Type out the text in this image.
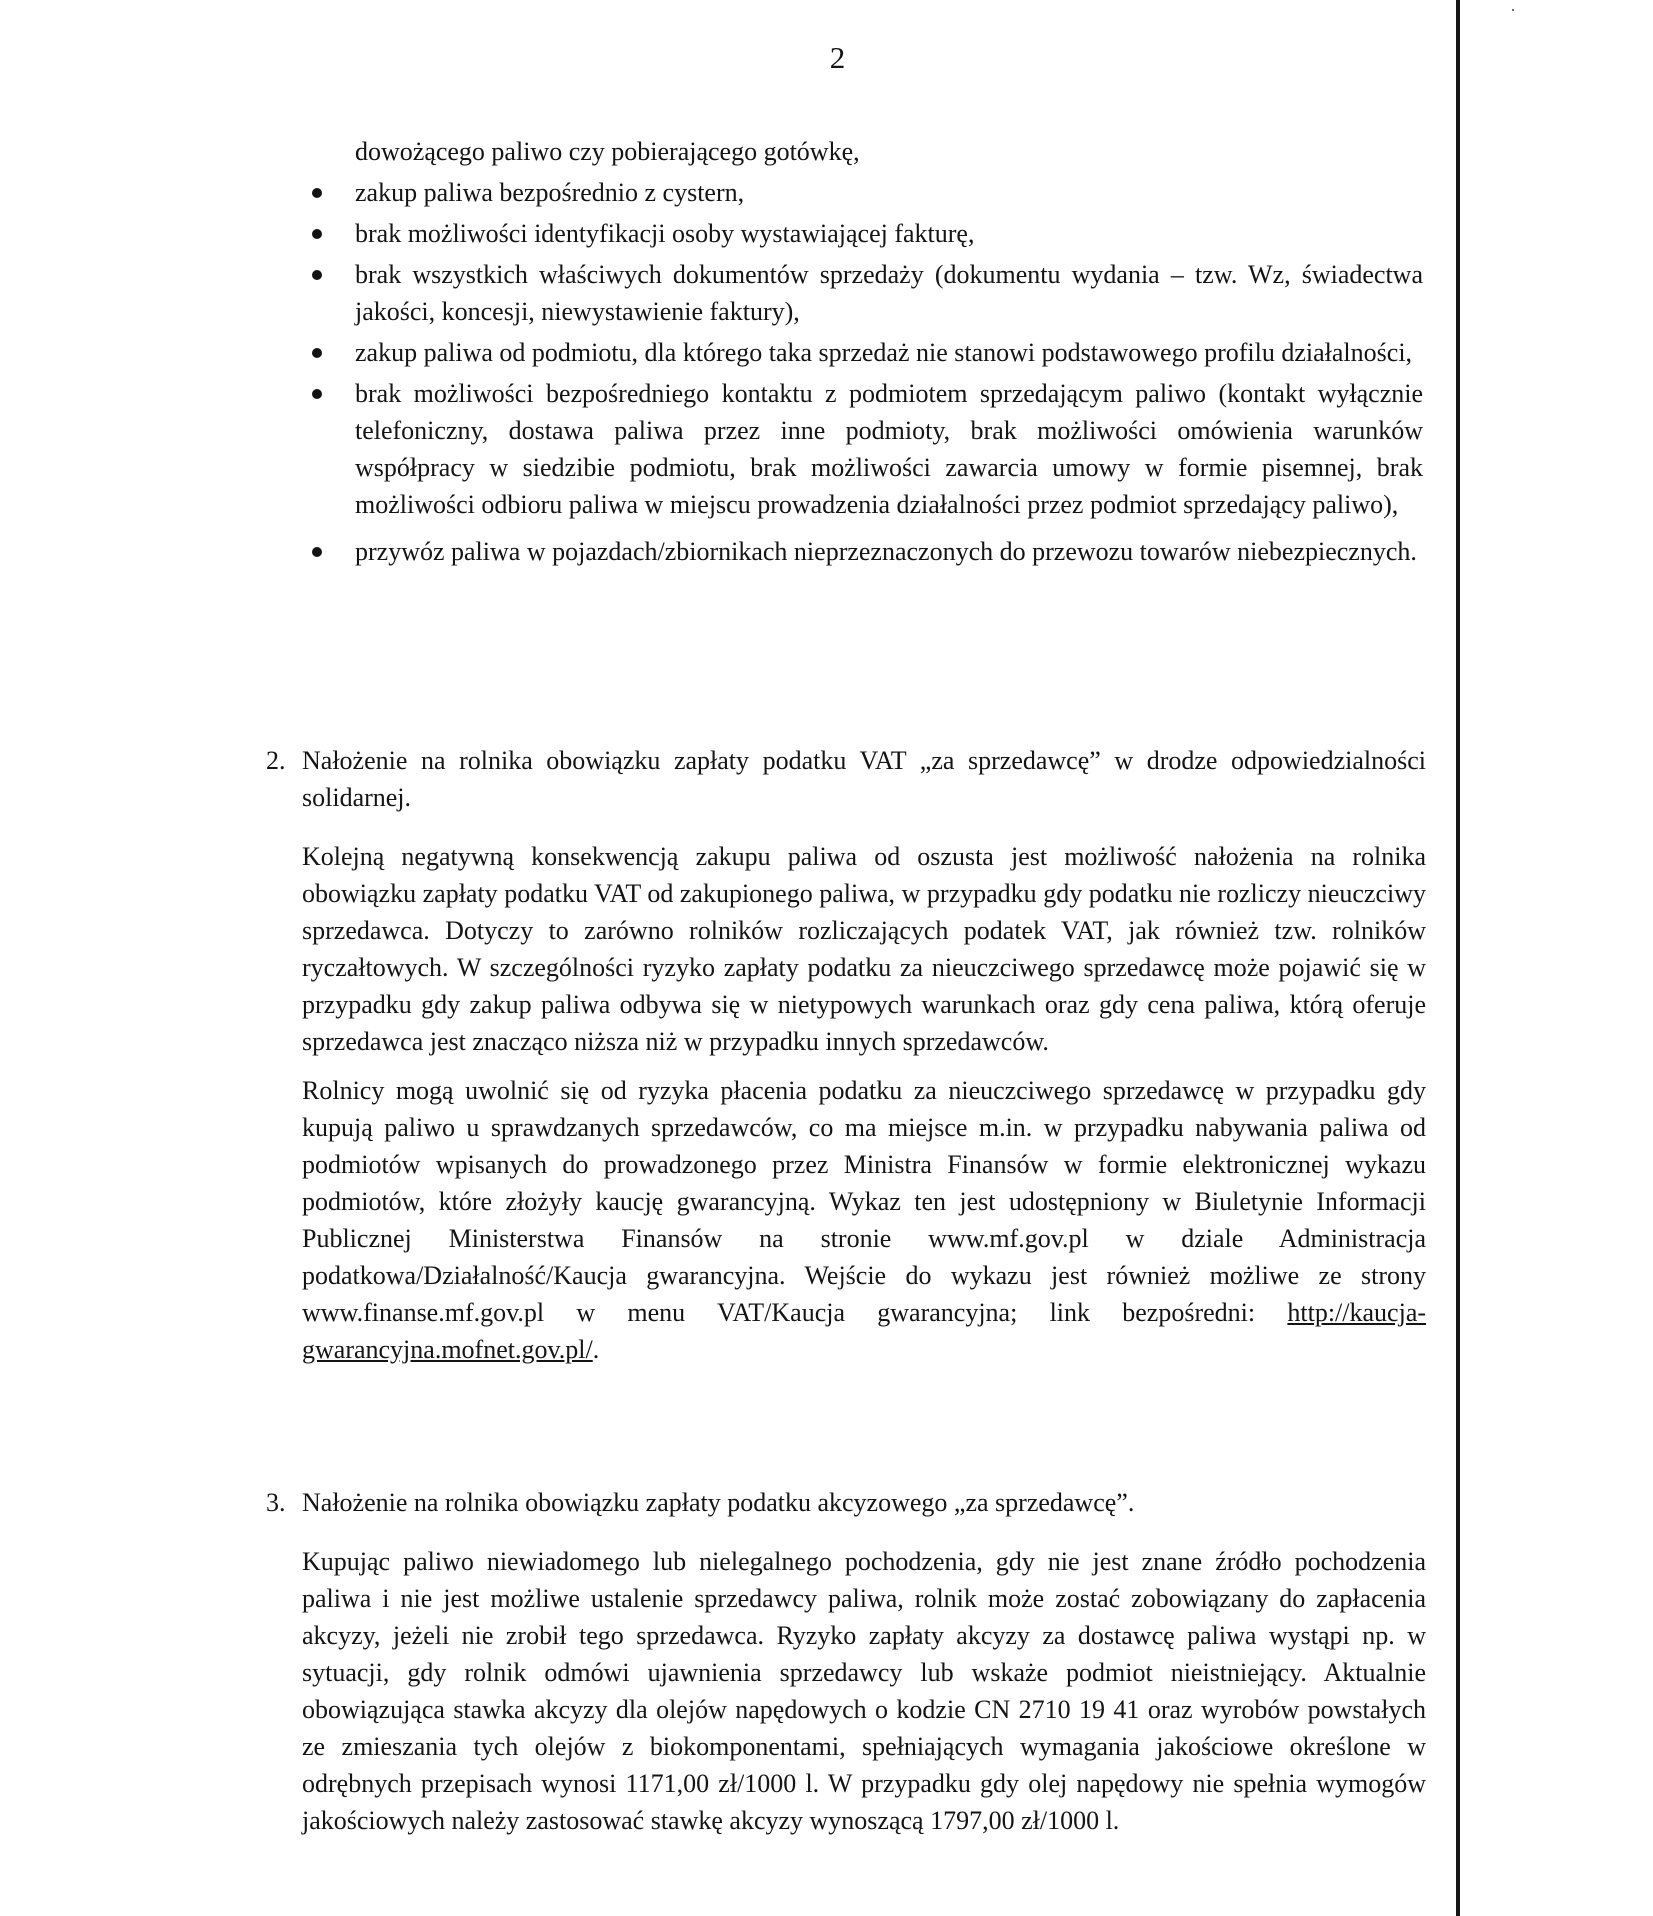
·
2
dowożącego paliwo czy pobierającego gotówkę,
zakup paliwa bezpośrednio z cystern,
brak możliwości identyfikacji osoby wystawiającej fakturę,
brak wszystkich właściwych dokumentów sprzedaży (dokumentu wydania – tzw. Wz, świadectwa jakości, koncesji, niewystawienie faktury),
zakup paliwa od podmiotu, dla którego taka sprzedaż nie stanowi podstawowego profilu działalności,
brak możliwości bezpośredniego kontaktu z podmiotem sprzedającym paliwo (kontakt wyłącznie telefoniczny, dostawa paliwa przez inne podmioty, brak możliwości omówienia warunków współpracy w siedzibie podmiotu, brak możliwości zawarcia umowy w formie pisemnej, brak możliwości odbioru paliwa w miejscu prowadzenia działalności przez podmiot sprzedający paliwo),
przywóz paliwa w pojazdach/zbiornikach nieprzeznaczonych do przewozu towarów niebezpiecznych.
2. Nałożenie na rolnika obowiązku zapłaty podatku VAT „za sprzedawcę” w drodze odpowiedzialności solidarnej.

Kolejną negatywną konsekwencją zakupu paliwa od oszusta jest możliwość nałożenia na rolnika obowiązku zapłaty podatku VAT od zakupionego paliwa, w przypadku gdy podatku nie rozliczy nieuczciwy sprzedawca. Dotyczy to zarówno rolników rozliczających podatek VAT, jak również tzw. rolników ryczałtowych. W szczególności ryzyko zapłaty podatku za nieuczciwego sprzedawcę może pojawić się w przypadku gdy zakup paliwa odbywa się w nietypowych warunkach oraz gdy cena paliwa, którą oferuje sprzedawca jest znacząco niższa niż w przypadku innych sprzedawców.

Rolnicy mogą uwolnić się od ryzyka płacenia podatku za nieuczciwego sprzedawcę w przypadku gdy kupują paliwo u sprawdzanych sprzedawców, co ma miejsce m.in. w przypadku nabywania paliwa od podmiotów wpisanych do prowadzonego przez Ministra Finansów w formie elektronicznej wykazu podmiotów, które złożyły kaucję gwarancyjną. Wykaz ten jest udostępniony w Biuletynie Informacji Publicznej Ministerstwa Finansów na stronie www.mf.gov.pl w dziale Administracja podatkowa/Działalność/Kaucja gwarancyjna. Wejście do wykazu jest również możliwe ze strony www.finanse.mf.gov.pl w menu VAT/Kaucja gwarancyjna; link bezpośredni: http://kaucja-gwarancyjna.mofnet.gov.pl/.

3. Nałożenie na rolnika obowiązku zapłaty podatku akcyzowego „za sprzedawcę”.

Kupując paliwo niewiadomego lub nielegalnego pochodzenia, gdy nie jest znane źródło pochodzenia paliwa i nie jest możliwe ustalenie sprzedawcy paliwa, rolnik może zostać zobowiązany do zapłacenia akcyzy, jeżeli nie zrobił tego sprzedawca. Ryzyko zapłaty akcyzy za dostawcę paliwa wystąpi np. w sytuacji, gdy rolnik odmówi ujawnienia sprzedawcy lub wskaże podmiot nieistniejący. Aktualnie obowiązująca stawka akcyzy dla olejów napędowych o kodzie CN 2710 19 41 oraz wyrobów powstałych ze zmieszania tych olejów z biokomponentami, spełniających wymagania jakościowe określone w odrębnych przepisach wynosi 1171,00 zł/1000 l. W przypadku gdy olej napędowy nie spełnia wymogów jakościowych należy zastosować stawkę akcyzy wynoszącą 1797,00 zł/1000 l.
